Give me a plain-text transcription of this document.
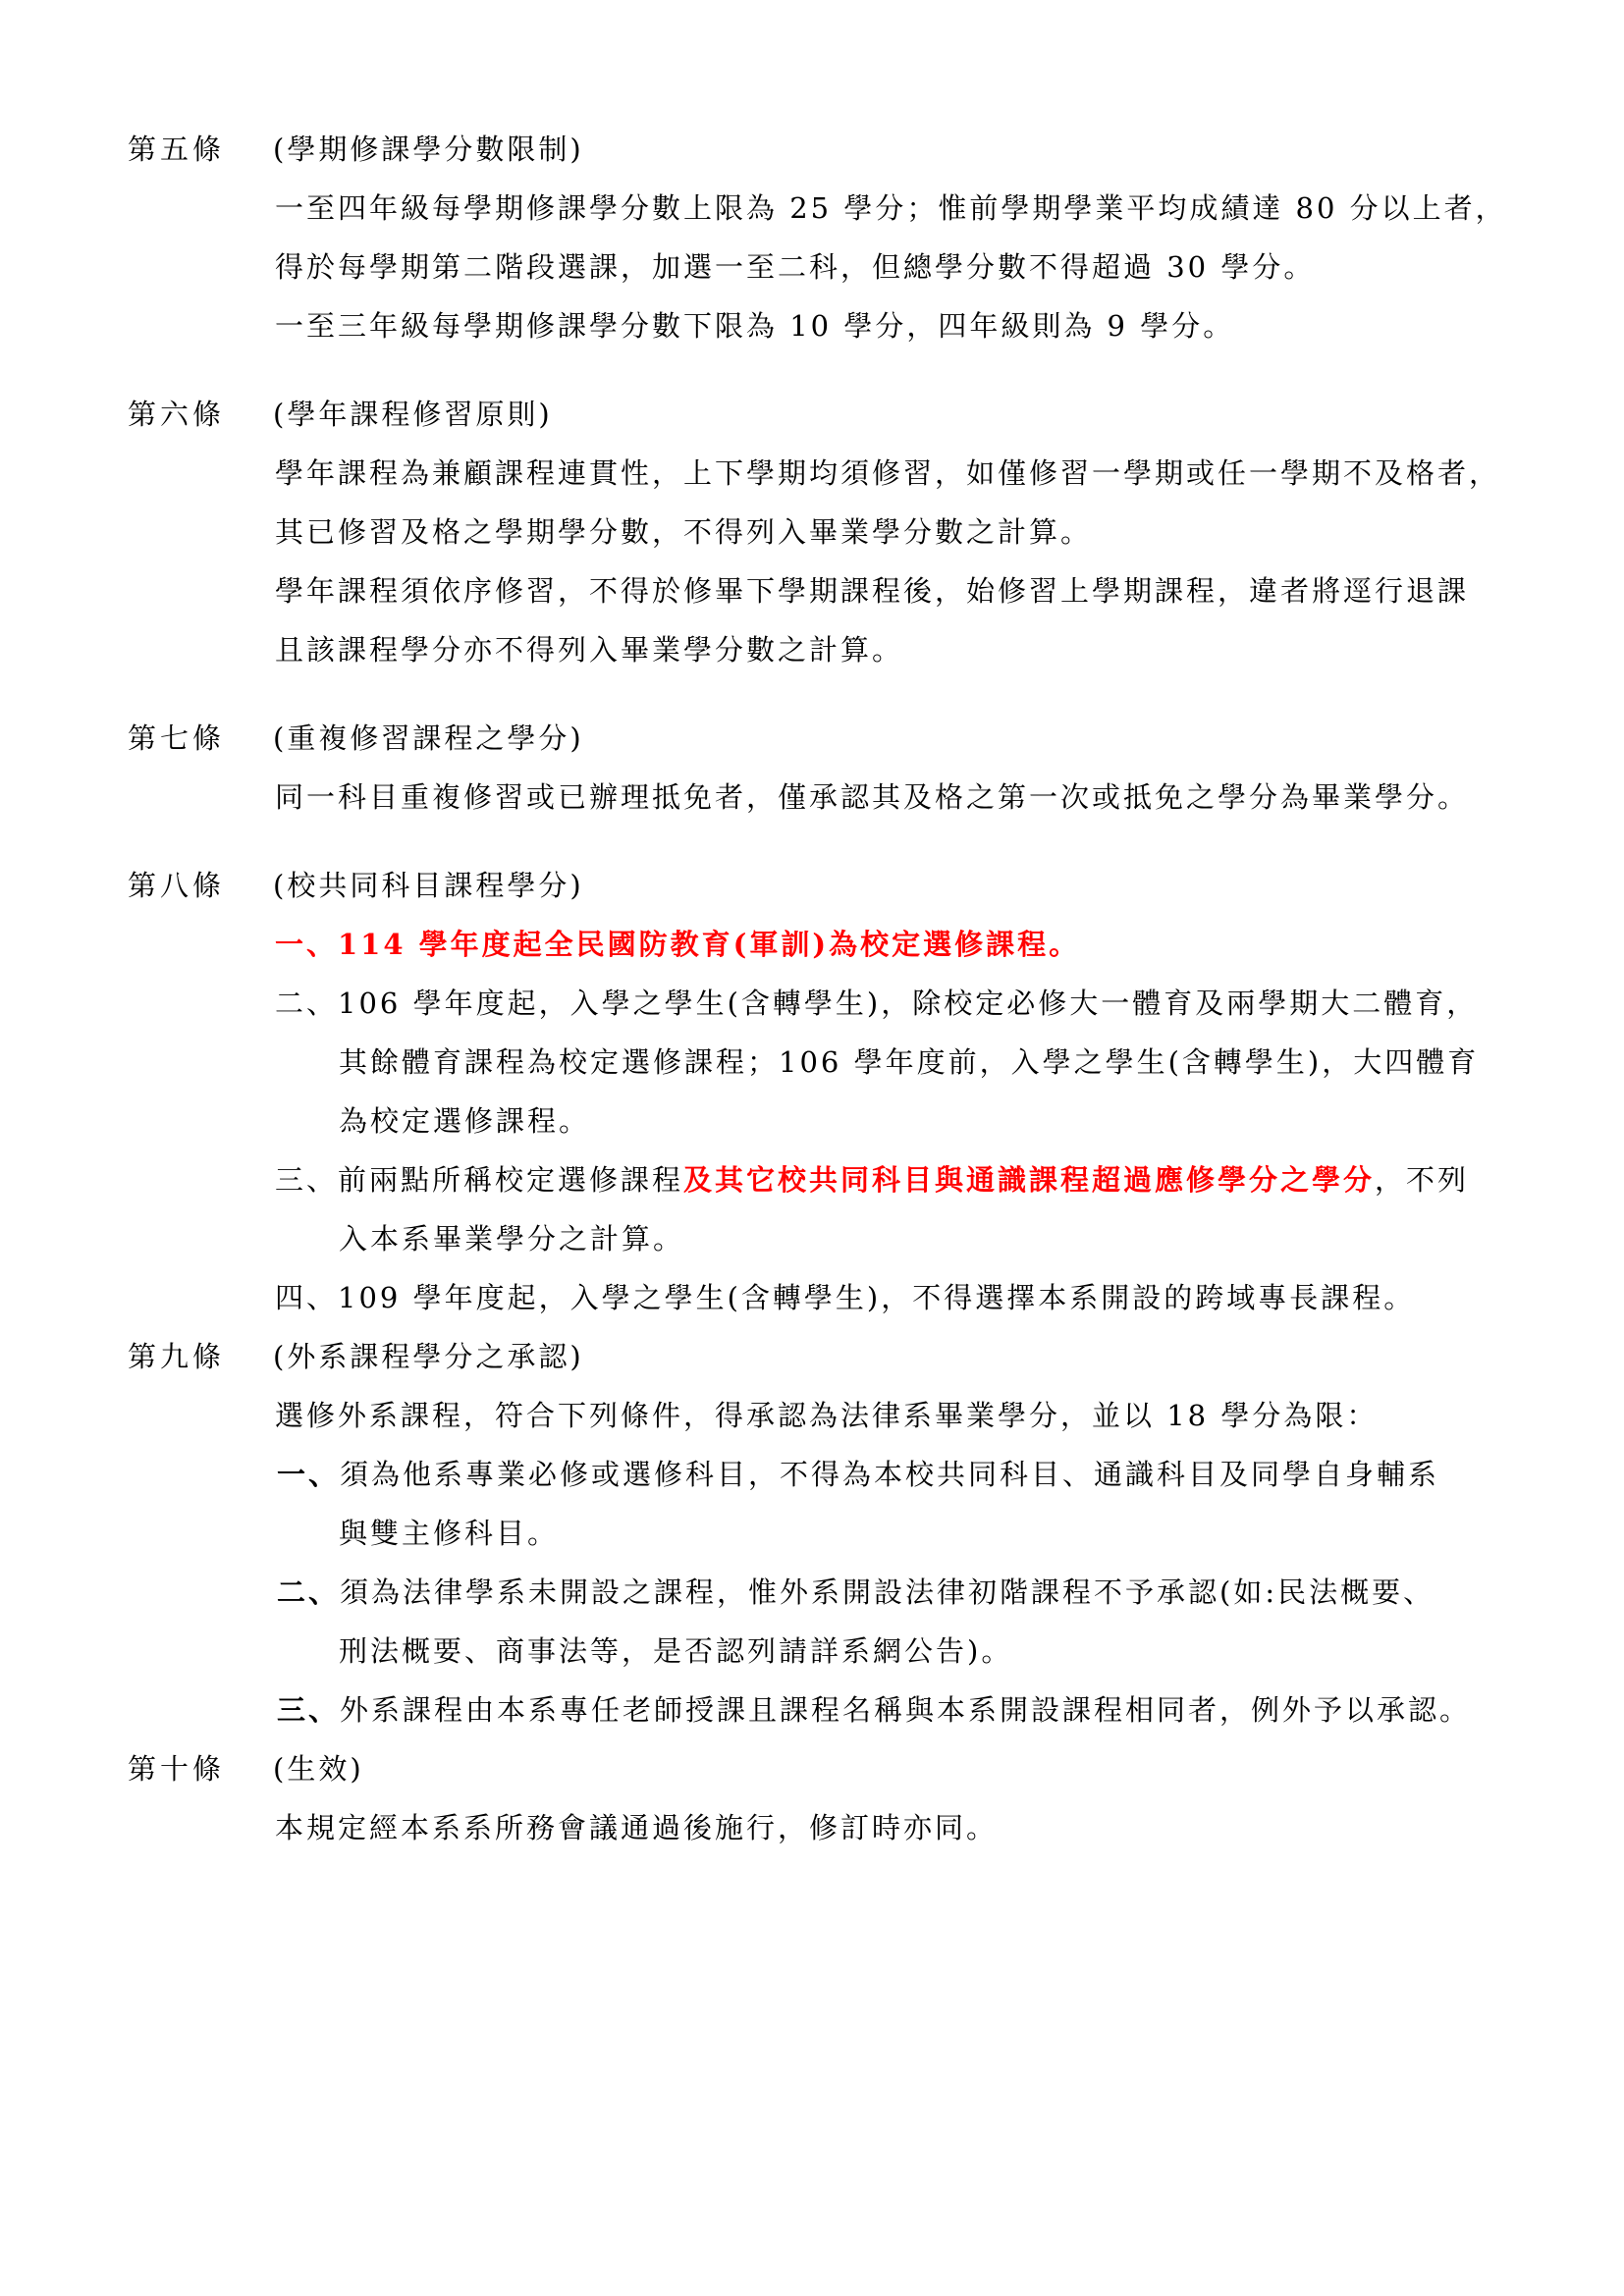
第五條 (學期修課學分數限制)
一至四年級每學期修課學分數上限為 25 學分；惟前學期學業平均成績達 80 分以上者，
得於每學期第二階段選課，加選一至二科，但總學分數不得超過 30 學分。
一至三年級每學期修課學分數下限為 10 學分，四年級則為 9 學分。
第六條 (學年課程修習原則)
學年課程為兼顧課程連貫性，上下學期均須修習，如僅修習一學期或任一學期不及格者，
其已修習及格之學期學分數，不得列入畢業學分數之計算。
學年課程須依序修習，不得於修畢下學期課程後，始修習上學期課程，違者將逕行退課
且該課程學分亦不得列入畢業學分數之計算。
第七條 (重複修習課程之學分)
同一科目重複修習或已辦理抵免者，僅承認其及格之第一次或抵免之學分為畢業學分。
第八條 (校共同科目課程學分)
一、114 學年度起全民國防教育(軍訓)為校定選修課程。
二、106 學年度起，入學之學生(含轉學生)，除校定必修大一體育及兩學期大二體育，
其餘體育課程為校定選修課程；106 學年度前，入學之學生(含轉學生)，大四體育
為校定選修課程。
三、前兩點所稱校定選修課程及其它校共同科目與通識課程超過應修學分之學分，不列
入本系畢業學分之計算。
四、109 學年度起，入學之學生(含轉學生)，不得選擇本系開設的跨域專長課程。
第九條 (外系課程學分之承認)
選修外系課程，符合下列條件，得承認為法律系畢業學分，並以 18 學分為限：
一、須為他系專業必修或選修科目，不得為本校共同科目、通識科目及同學自身輔系
與雙主修科目。
二、須為法律學系未開設之課程，惟外系開設法律初階課程不予承認(如:民法概要、
刑法概要、商事法等，是否認列請詳系網公告)。
三、外系課程由本系專任老師授課且課程名稱與本系開設課程相同者，例外予以承認。
第十條 (生效)
本規定經本系系所務會議通過後施行，修訂時亦同。
